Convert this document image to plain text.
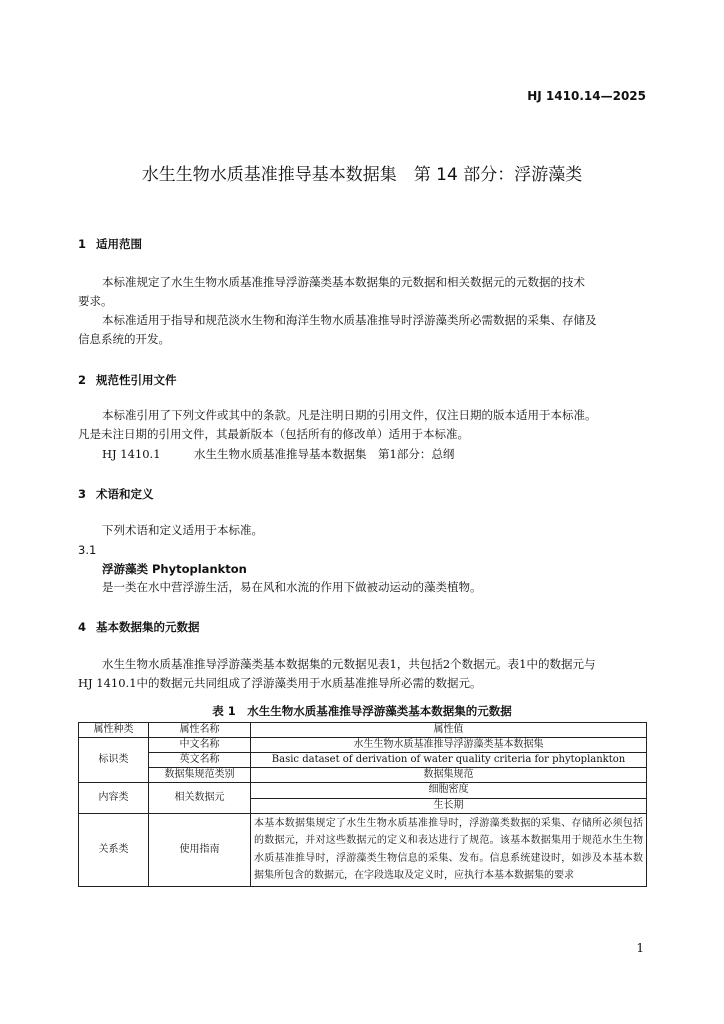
HJ 1410.14—2025
水生生物水质基准推导基本数据集　第 14 部分：浮游藻类
1 适用范围
本标准规定了水生生物水质基准推导浮游藻类基本数据集的元数据和相关数据元的元数据的技术
要求。
本标准适用于指导和规范淡水生物和海洋生物水质基准推导时浮游藻类所必需数据的采集、存储及
信息系统的开发。
2 规范性引用文件
本标准引用了下列文件或其中的条款。凡是注明日期的引用文件，仅注日期的版本适用于本标准。
凡是未注日期的引用文件，其最新版本（包括所有的修改单）适用于本标准。
HJ 1410.1	水生生物水质基准推导基本数据集　第1部分：总纲
3 术语和定义
下列术语和定义适用于本标准。
3.1
浮游藻类 Phytoplankton
是一类在水中营浮游生活，易在风和水流的作用下做被动运动的藻类植物。
4 基本数据集的元数据
水生生物水质基准推导浮游藻类基本数据集的元数据见表1，共包括2个数据元。表1中的数据元与
HJ 1410.1中的数据元共同组成了浮游藻类用于水质基准推导所必需的数据元。
表 1　水生生物水质基准推导浮游藻类基本数据集的元数据
属性种类	属性名称	属性值
标识类	中文名称	水生生物水质基准推导浮游藻类基本数据集
	英文名称	Basic dataset of derivation of water quality criteria for phytoplankton
	数据集规范类别	数据集规范
内容类	相关数据元	细胞密度
		生长期
关系类	使用指南	本基本数据集规定了水生生物水质基准推导时，浮游藻类数据的采集、存储所必须包括的数据元，并对这些数据元的定义和表达进行了规范。该基本数据集用于规范水生生物水质基准推导时，浮游藻类生物信息的采集、发布。信息系统建设时，如涉及本基本数据集所包含的数据元，在字段选取及定义时，应执行本基本数据集的要求
1
